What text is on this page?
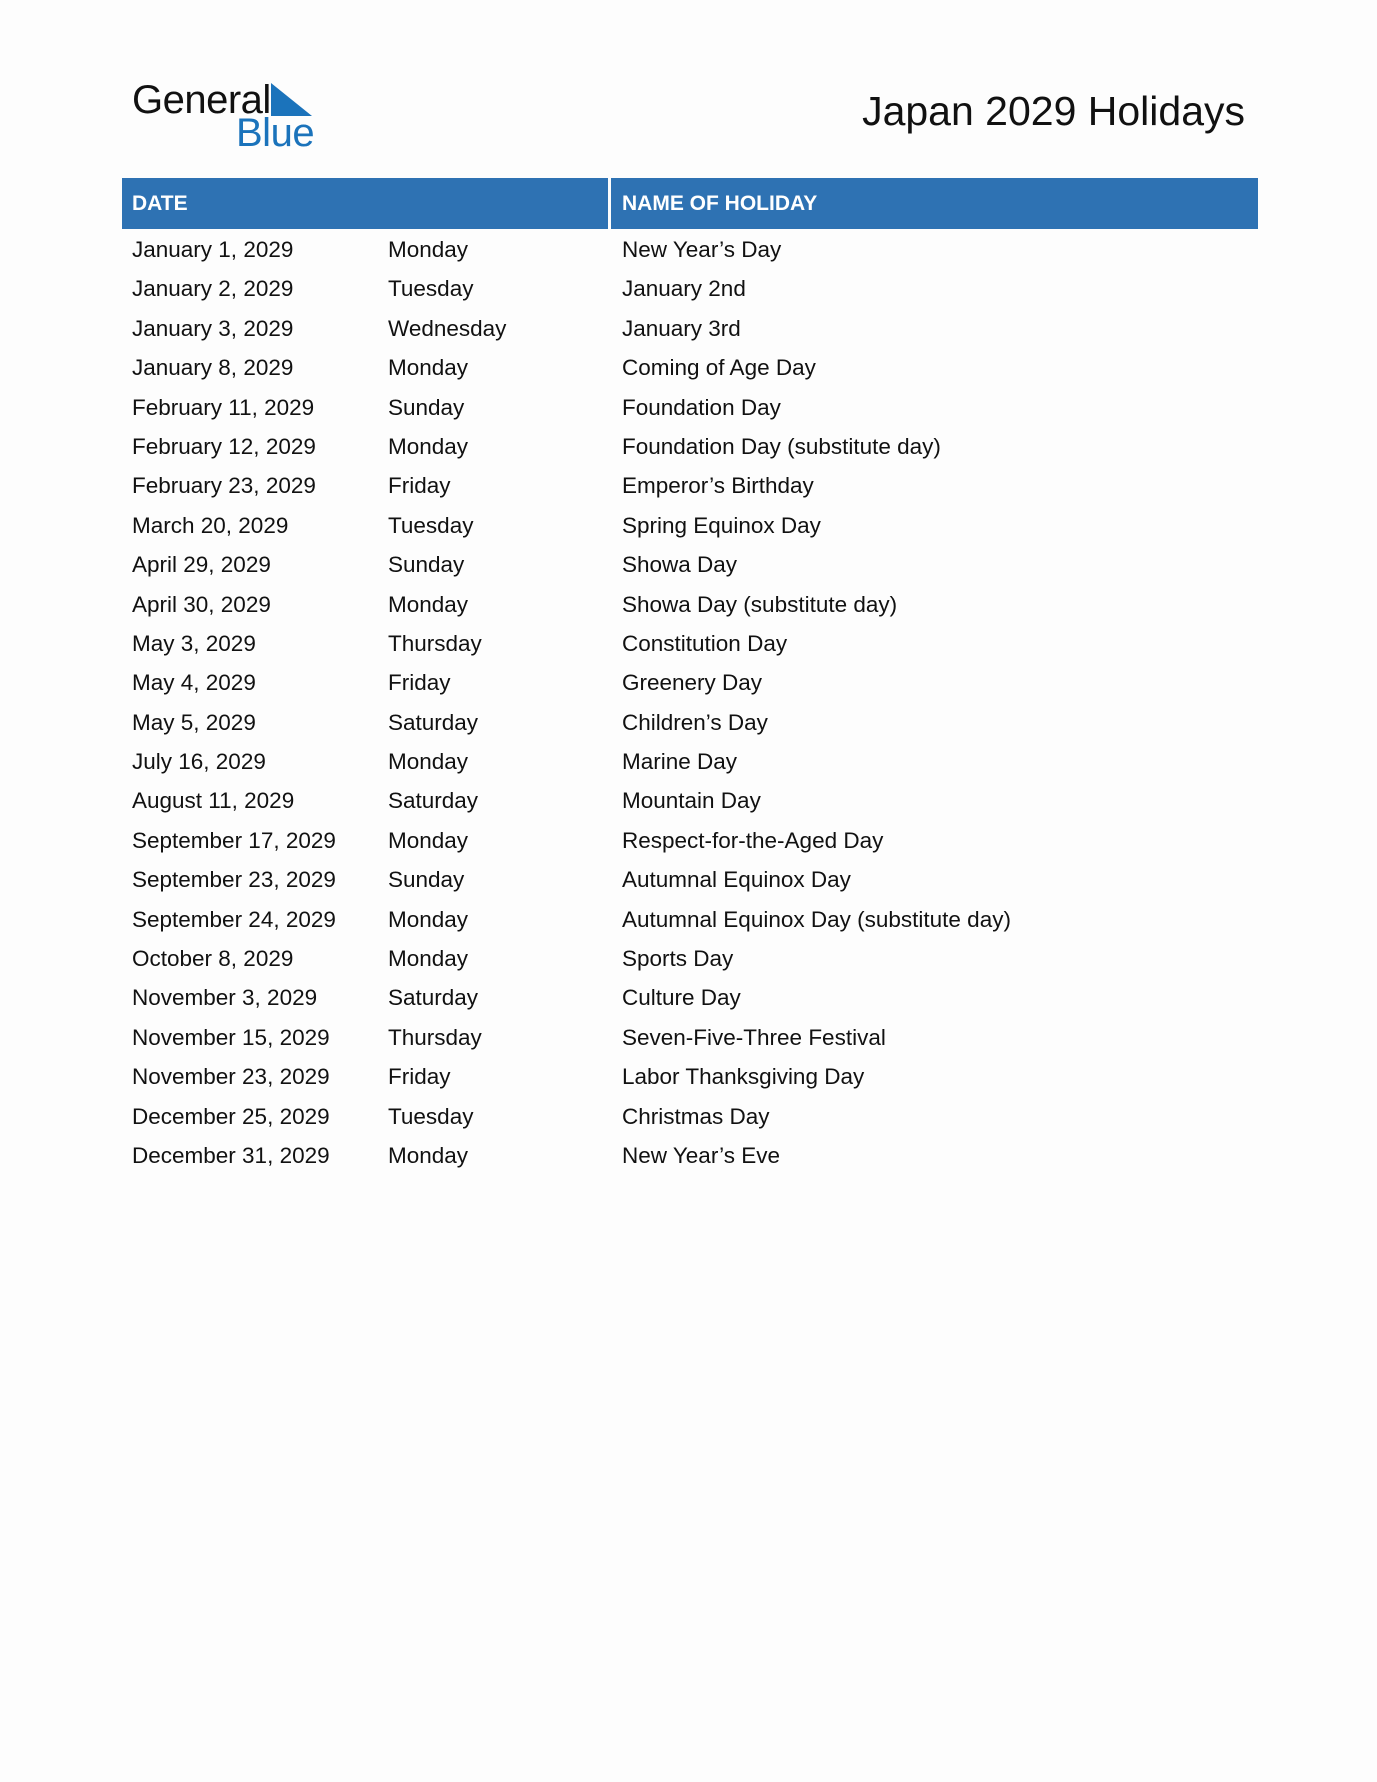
General
Blue	Japan 2029 Holidays
DATE	NAME OF HOLIDAY
January 1, 2029	Monday	New Year’s Day
January 2, 2029	Tuesday	January 2nd
January 3, 2029	Wednesday	January 3rd
January 8, 2029	Monday	Coming of Age Day
February 11, 2029	Sunday	Foundation Day
February 12, 2029	Monday	Foundation Day (substitute day)
February 23, 2029	Friday	Emperor’s Birthday
March 20, 2029	Tuesday	Spring Equinox Day
April 29, 2029	Sunday	Showa Day
April 30, 2029	Monday	Showa Day (substitute day)
May 3, 2029	Thursday	Constitution Day
May 4, 2029	Friday	Greenery Day
May 5, 2029	Saturday	Children’s Day
July 16, 2029	Monday	Marine Day
August 11, 2029	Saturday	Mountain Day
September 17, 2029 Monday	Respect-for-the-Aged Day
September 23, 2029 Sunday	Autumnal Equinox Day
September 24, 2029 Monday	Autumnal Equinox Day (substitute day)
October 8, 2029	Monday	Sports Day
November 3, 2029	Saturday	Culture Day
November 15, 2029	Thursday	Seven-Five-Three Festival
November 23, 2029	Friday	Labor Thanksgiving Day
December 25, 2029	Tuesday	Christmas Day
December 31, 2029	Monday	New Year’s Eve
